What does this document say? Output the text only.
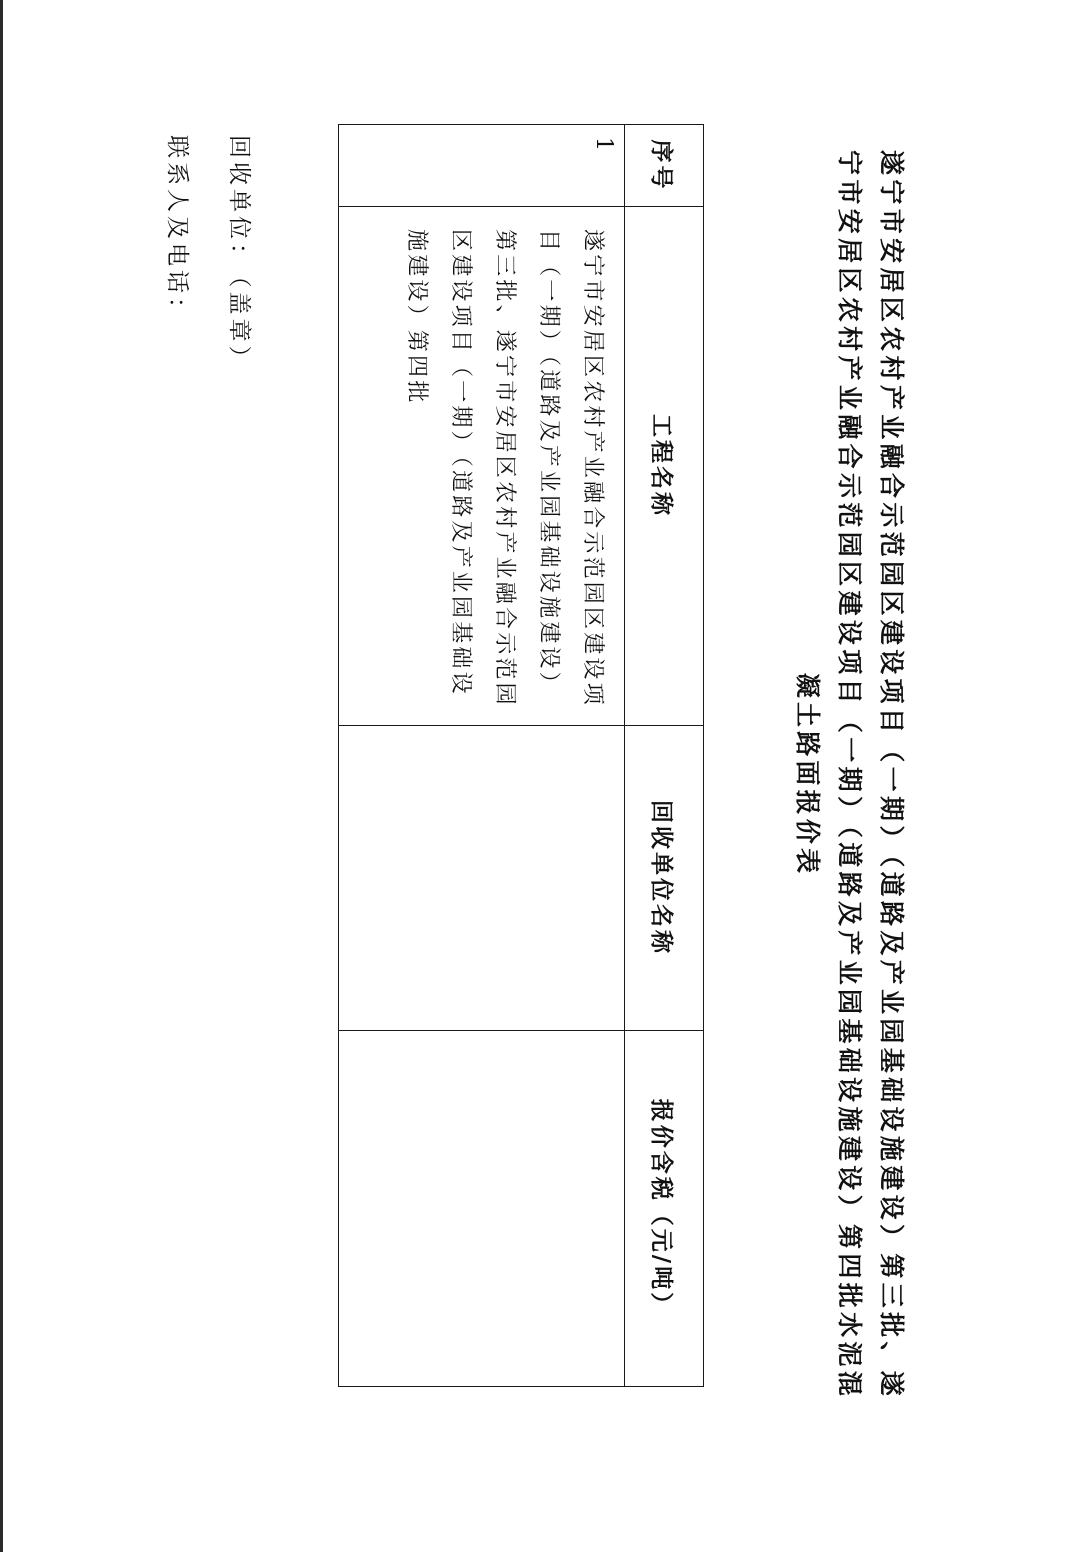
遂宁市安居区农村产业融合示范园区建设项目（一期）（道路及产业园基础设施建设）第三批、遂宁市安居区农村产业融合示范园区建设项目（一期）（道路及产业园基础设施建设）第四批水泥混凝土路面报价表
序号	工程名称	回收单位名称	报价含税（元/吨）
1	遂宁市安居区农村产业融合示范园区建设项目（一期）（道路及产业园基础设施建设）第三批、遂宁市安居区农村产业融合示范园区建设项目（一期）（道路及产业园基础设施建设）第四批		
回收单位：（盖章）
联系人及电话：
